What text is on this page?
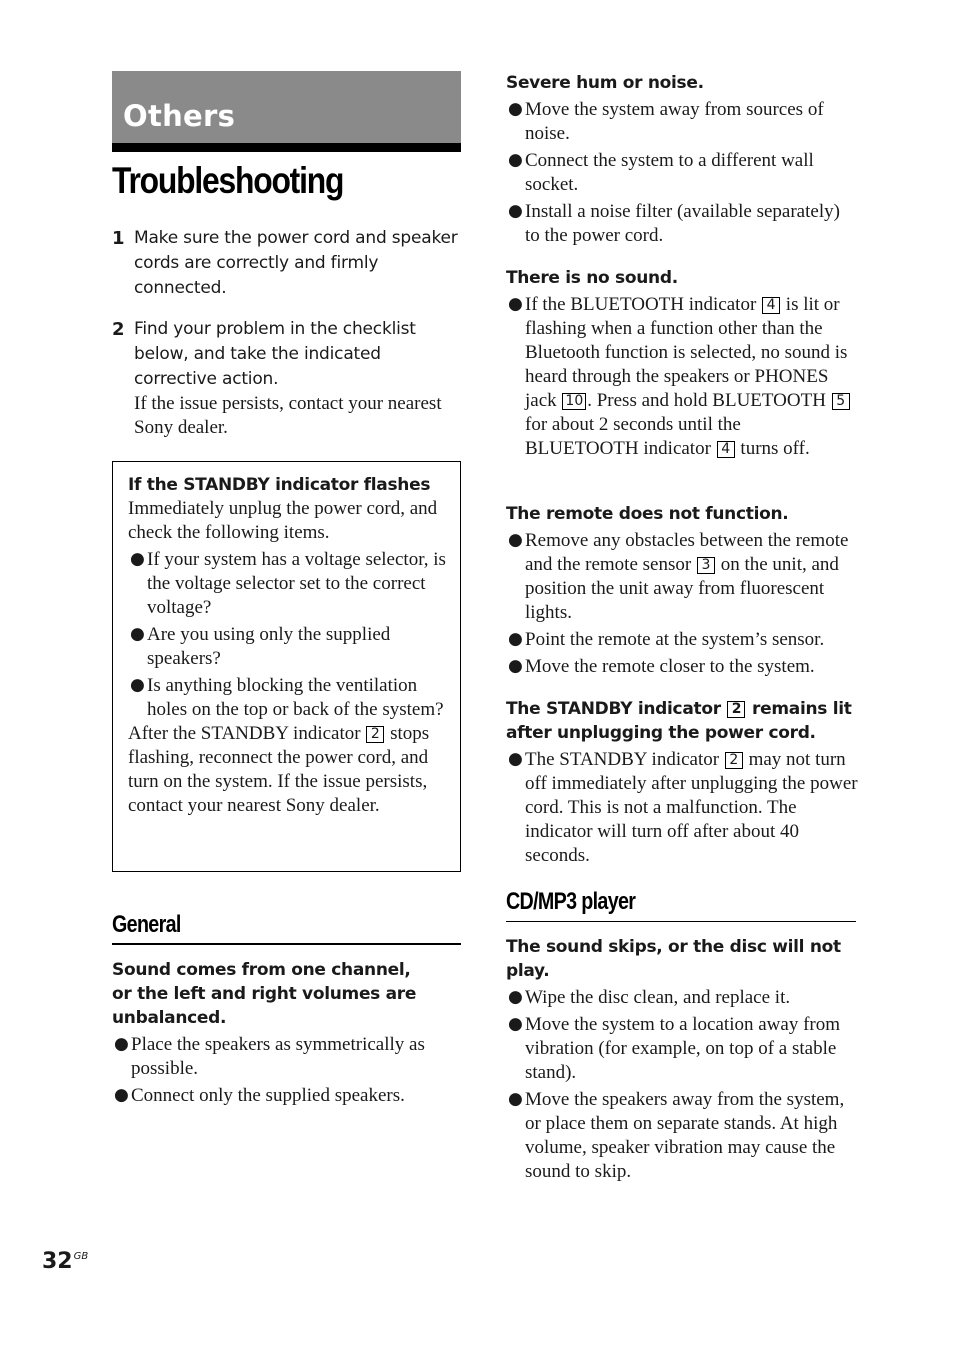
Others
Troubleshooting
1 Make sure the power cord and speaker cords are correctly and firmly connected.
2 Find your problem in the checklist below, and take the indicated corrective action.
If the issue persists, contact your nearest Sony dealer.
If the STANDBY indicator flashes
Immediately unplug the power cord, and check the following items.
● If your system has a voltage selector, is the voltage selector set to the correct voltage?
● Are you using only the supplied speakers?
● Is anything blocking the ventilation holes on the top or back of the system?
After the STANDBY indicator 2 stops flashing, reconnect the power cord, and turn on the system. If the issue persists, contact your nearest Sony dealer.
General

Sound comes from one channel, or the left and right volumes are unbalanced.

● Place the speakers as symmetrically as possible.
● Connect only the supplied speakers.

Severe hum or noise.

● Move the system away from sources of noise.
● Connect the system to a different wall socket.
● Install a noise filter (available separately) to the power cord.

There is no sound.

● If the BLUETOOTH indicator 4 is lit or flashing when a function other than the Bluetooth function is selected, no sound is heard through the speakers or PHONES jack 10 . Press and hold BLUETOOTH 5 for about 2 seconds until the BLUETOOTH indicator 4 turns off.

The remote does not function.

● Remove any obstacles between the remote and the remote sensor 3 on the unit, and position the unit away from fluorescent lights.
● Point the remote at the system’s sensor.
● Move the remote closer to the system.

The STANDBY indicator 2 remains lit after unplugging the power cord.

● The STANDBY indicator 2 may not turn off immediately after unplugging the power cord. This is not a malfunction. The indicator will turn off after about 40 seconds.
CD/MP3 player

The sound skips, or the disc will not play.

● Wipe the disc clean, and replace it.
● Move the system to a location away from vibration (for example, on top of a stable stand).
● Move the speakers away from the system, or place them on separate stands. At high volume, speaker vibration may cause the sound to skip.
$32^{GB}$
